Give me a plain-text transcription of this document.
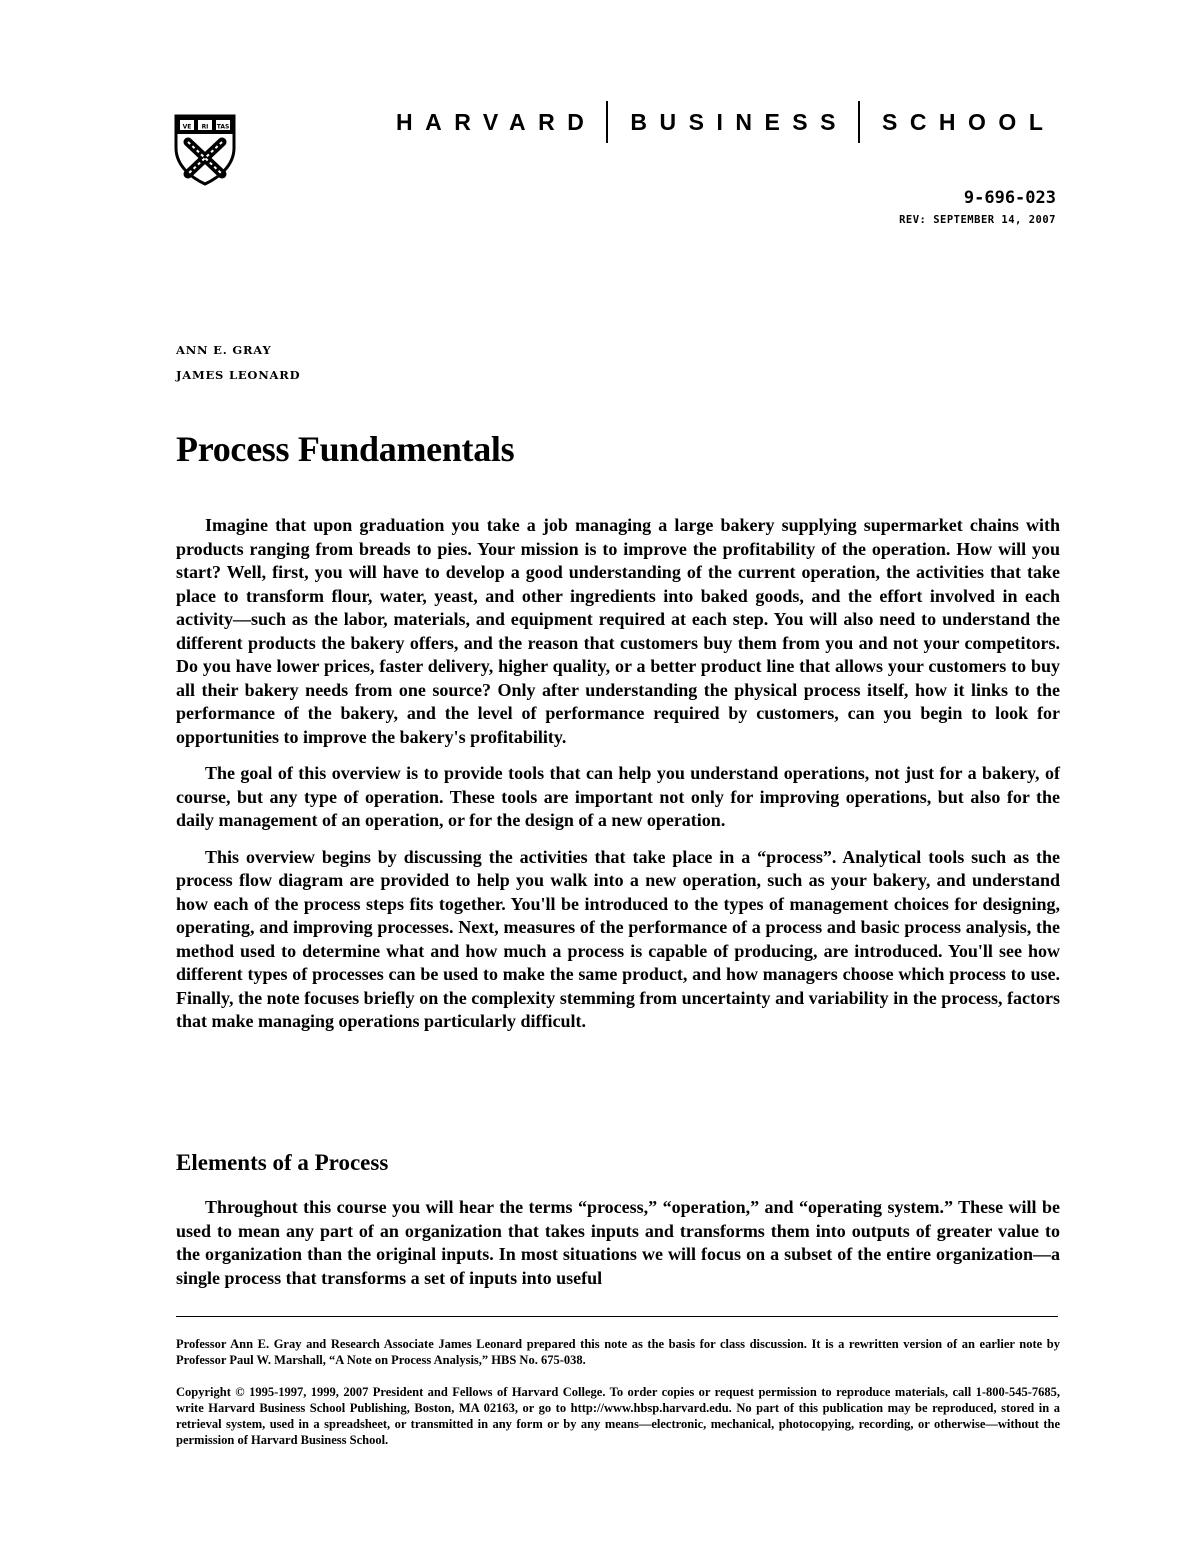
VE RI TAS	HARVARD BUSINESS SCHOOL
9-696-023
REV: SEPTEMBER 14, 2007
ANN E. GRAY
JAMES LEONARD
Process Fundamentals

Imagine that upon graduation you take a job managing a large bakery supplying supermarket chains with products ranging from breads to pies. Your mission is to improve the profitability of the operation. How will you start? Well, first, you will have to develop a good understanding of the current operation, the activities that take place to transform flour, water, yeast, and other ingredients into baked goods, and the effort involved in each activity—such as the labor, materials, and equipment required at each step. You will also need to understand the different products the bakery offers, and the reason that customers buy them from you and not your competitors. Do you have lower prices, faster delivery, higher quality, or a better product line that allows your customers to buy all their bakery needs from one source? Only after understanding the physical process itself, how it links to the performance of the bakery, and the level of performance required by customers, can you begin to look for opportunities to improve the bakery's profitability.

The goal of this overview is to provide tools that can help you understand operations, not just for a bakery, of course, but any type of operation. These tools are important not only for improving operations, but also for the daily management of an operation, or for the design of a new operation.

This overview begins by discussing the activities that take place in a “process”. Analytical tools such as the process flow diagram are provided to help you walk into a new operation, such as your bakery, and understand how each of the process steps fits together. You'll be introduced to the types of management choices for designing, operating, and improving processes. Next, measures of the performance of a process and basic process analysis, the method used to determine what and how much a process is capable of producing, are introduced. You'll see how different types of processes can be used to make the same product, and how managers choose which process to use. Finally, the note focuses briefly on the complexity stemming from uncertainty and variability in the process, factors that make managing operations particularly difficult.

Elements of a Process

Throughout this course you will hear the terms “process,” “operation,” and “operating system.” These will be used to mean any part of an organization that takes inputs and transforms them into outputs of greater value to the organization than the original inputs. In most situations we will focus on a subset of the entire organization—a single process that transforms a set of inputs into useful

Professor Ann E. Gray and Research Associate James Leonard prepared this note as the basis for class discussion. It is a rewritten version of an earlier note by Professor Paul W. Marshall, “A Note on Process Analysis,” HBS No. 675-038.

Copyright © 1995-1997, 1999, 2007 President and Fellows of Harvard College. To order copies or request permission to reproduce materials, call 1-800-545-7685, write Harvard Business School Publishing, Boston, MA 02163, or go to http://www.hbsp.harvard.edu. No part of this publication may be reproduced, stored in a retrieval system, used in a spreadsheet, or transmitted in any form or by any means—electronic, mechanical, photocopying, recording, or otherwise—without the permission of Harvard Business School.
